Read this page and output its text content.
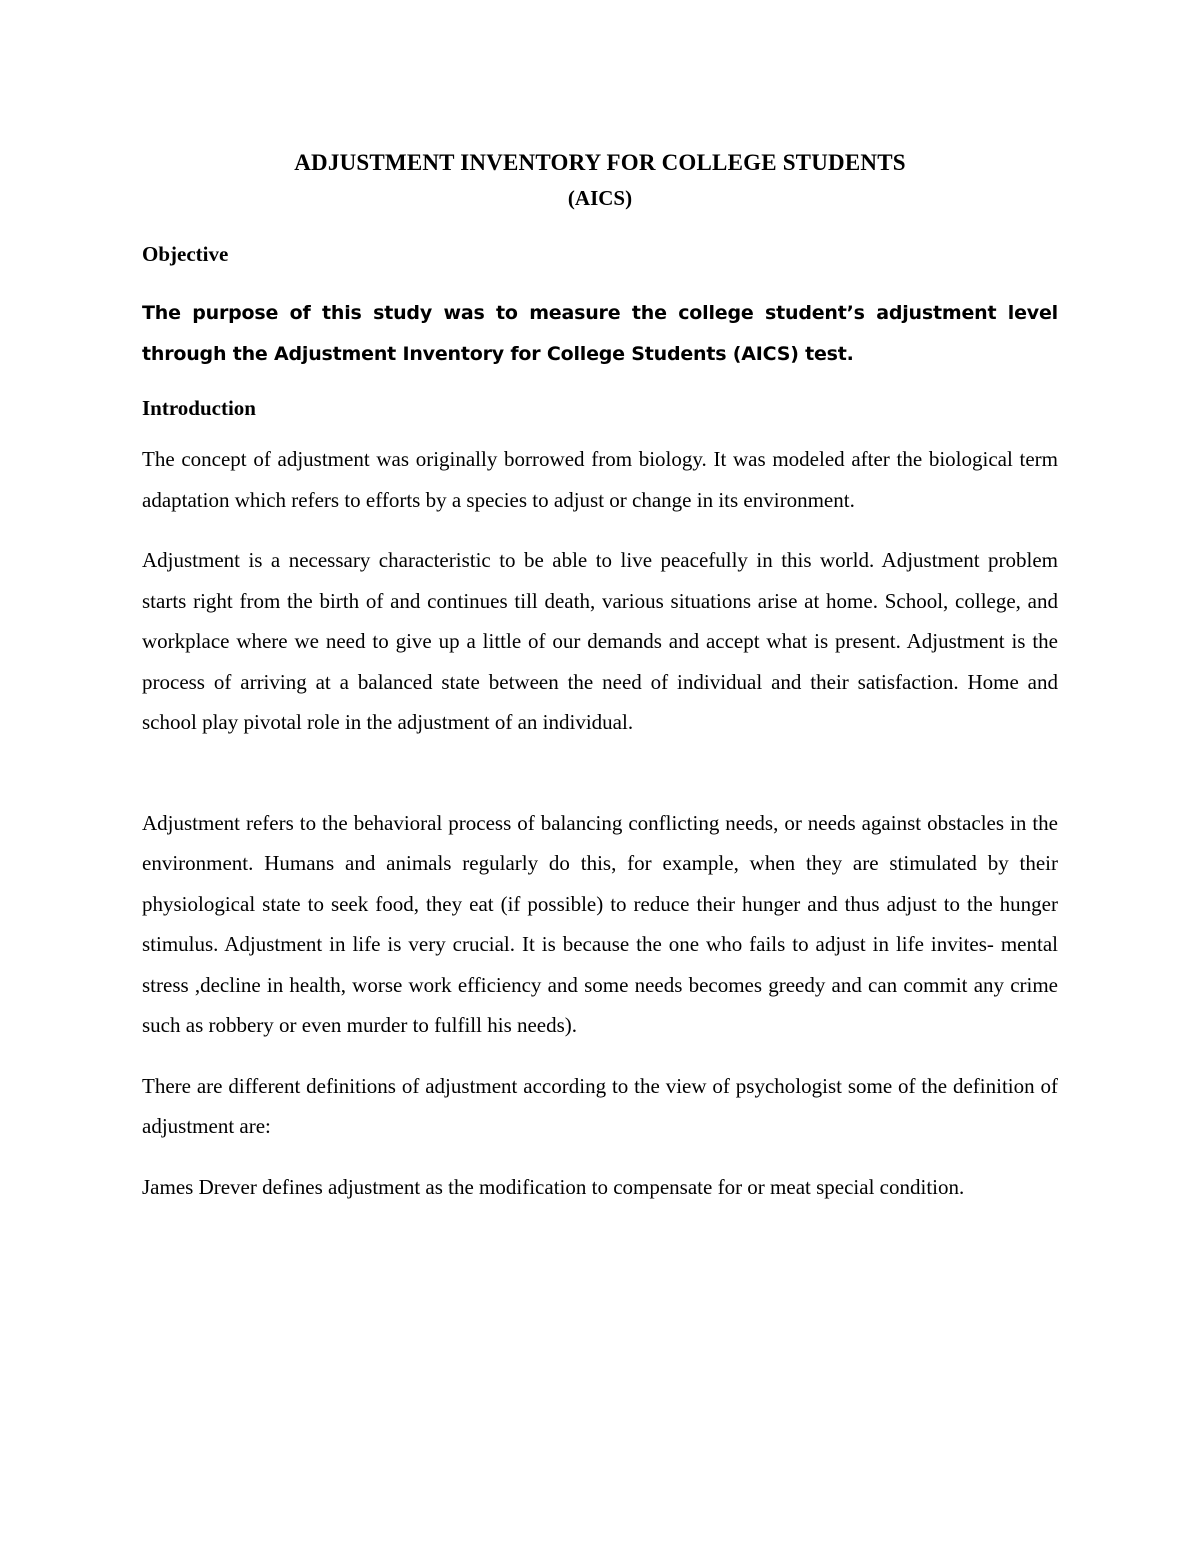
ADJUSTMENT INVENTORY FOR COLLEGE STUDENTS
(AICS)
Objective

The purpose of this study was to measure the college student’s adjustment level through the Adjustment Inventory for College Students (AICS) test.

Introduction

The concept of adjustment was originally borrowed from biology. It was modeled after the biological term adaptation which refers to efforts by a species to adjust or change in its environment.

Adjustment is a necessary characteristic to be able to live peacefully in this world. Adjustment problem starts right from the birth of and continues till death, various situations arise at home. School, college, and workplace where we need to give up a little of our demands and accept what is present. Adjustment is the process of arriving at a balanced state between the need of individual and their satisfaction. Home and school play pivotal role in the adjustment of an individual.

Adjustment refers to the behavioral process of balancing conflicting needs, or needs against obstacles in the environment. Humans and animals regularly do this, for example, when they are stimulated by their physiological state to seek food, they eat (if possible) to reduce their hunger and thus adjust to the hunger stimulus. Adjustment in life is very crucial. It is because the one who fails to adjust in life invites- mental stress ,decline in health, worse work efficiency and some needs becomes greedy and can commit any crime such as robbery or even murder to fulfill his needs).

There are different definitions of adjustment according to the view of psychologist some of the definition of adjustment are:

James Drever defines adjustment as the modification to compensate for or meat special condition.
